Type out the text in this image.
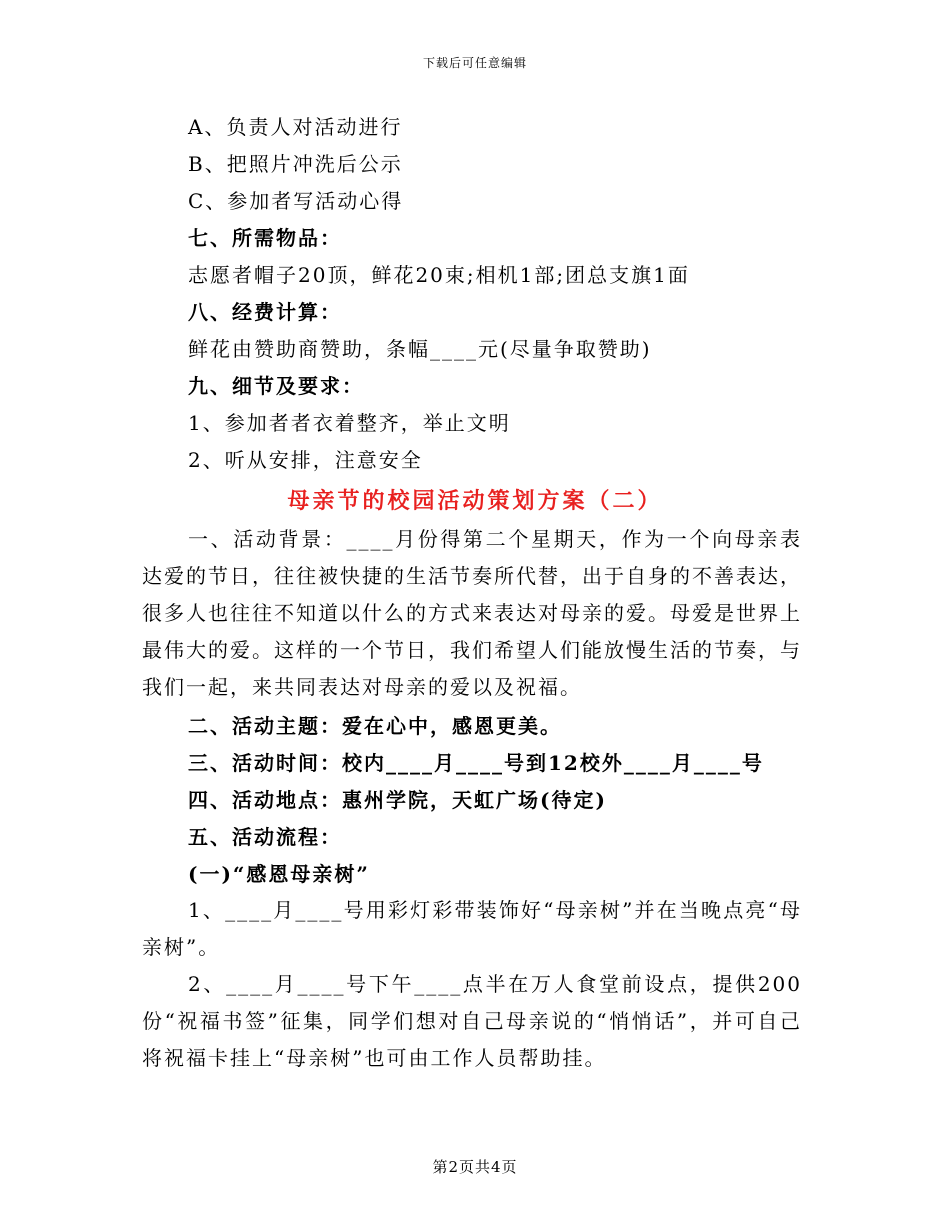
下载后可任意编辑
A、负责人对活动进行
B、把照片冲洗后公示
C、参加者写活动心得
七、所需物品：
志愿者帽子20顶，鲜花20束;相机1部;团总支旗1面
八、经费计算：
鲜花由赞助商赞助，条幅____元(尽量争取赞助)
九、细节及要求：
1、参加者者衣着整齐，举止文明
2、听从安排，注意安全
母亲节的校园活动策划方案（二）
一、活动背景：____月份得第二个星期天，作为一个向母亲表达爱的节日，往往被快捷的生活节奏所代替，出于自身的不善表达，很多人也往往不知道以什么的方式来表达对母亲的爱。母爱是世界上最伟大的爱。这样的一个节日，我们希望人们能放慢生活的节奏，与我们一起，来共同表达对母亲的爱以及祝福。
二、活动主题：爱在心中，感恩更美。
三、活动时间：校内____月____号到12校外____月____号
四、活动地点：惠州学院，天虹广场(待定)
五、活动流程：
(一)“感恩母亲树”
1、____月____号用彩灯彩带装饰好“母亲树”并在当晚点亮“母亲树”。
2、____月____号下午____点半在万人食堂前设点，提供200份“祝福书签”征集，同学们想对自己母亲说的“悄悄话”，并可自己将祝福卡挂上“母亲树”也可由工作人员帮助挂。
第2页共4页
